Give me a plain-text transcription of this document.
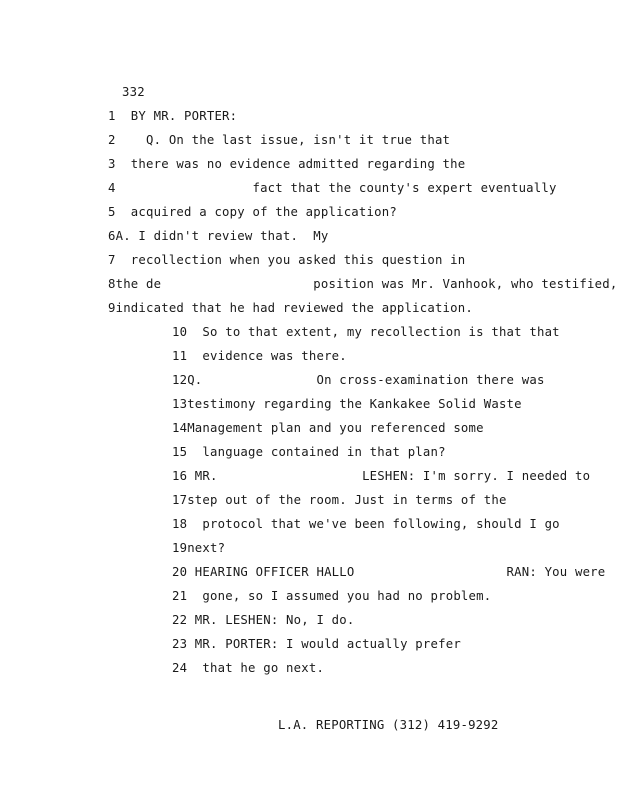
332
1  BY MR. PORTER:
2    Q. On the last issue, isn't it true that
3  there was no evidence admitted regarding the
4                  fact that the county's expert eventually
5  acquired a copy of the application?
6A. I didn't review that.  My
7  recollection when you asked this question in
8the de                    position was Mr. Vanhook, who testified,
9indicated that he had reviewed the application.
10  So to that extent, my recollection is that that
11  evidence was there.
12Q.               On cross-examination there was
13testimony regarding the Kankakee Solid Waste
14Management plan and you referenced some
15  language contained in that plan?
16 MR.                   LESHEN: I'm sorry. I needed to
17step out of the room. Just in terms of the
18  protocol that we've been following, should I go
19next?
20 HEARING OFFICER HALLO                    RAN: You were
21  gone, so I assumed you had no problem.
22 MR. LESHEN: No, I do.
23 MR. PORTER: I would actually prefer
24  that he go next.
L.A. REPORTING (312) 419-9292
